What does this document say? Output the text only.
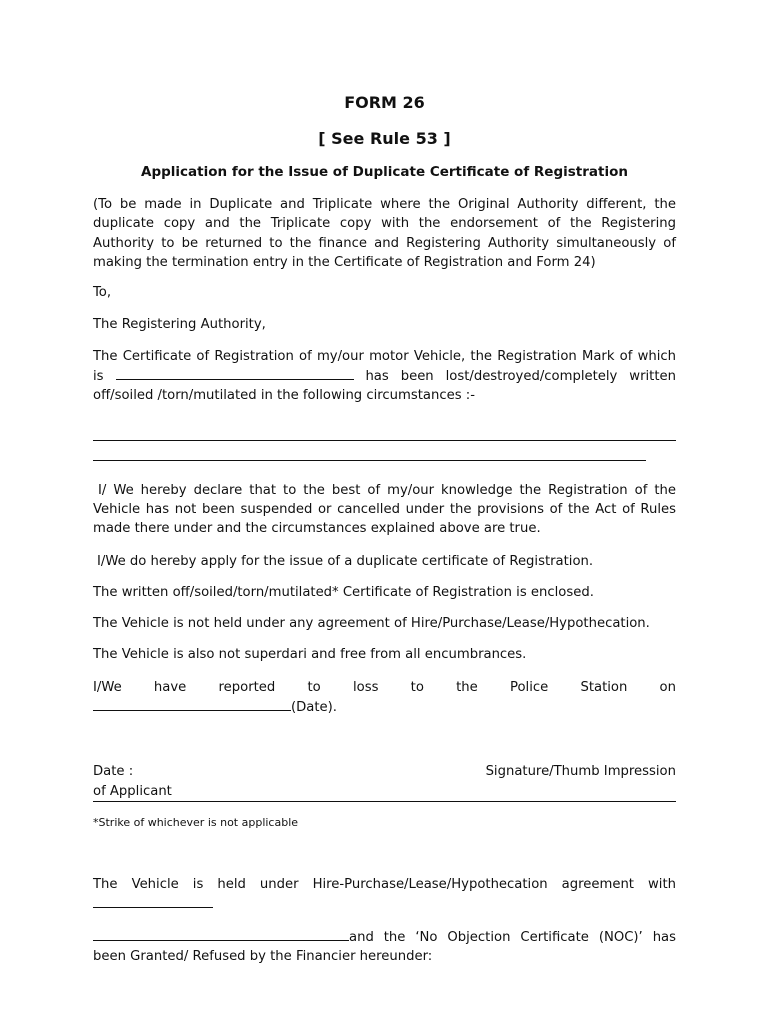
FORM 26
[ See Rule 53 ]
Application for the Issue of Duplicate Certificate of Registration

(To be made in Duplicate and Triplicate where the Original Authority different, the duplicate copy and the Triplicate copy with the endorsement of the Registering Authority to be returned to the finance and Registering Authority simultaneously of making the termination entry in the Certificate of Registration and Form 24)

To,

The Registering Authority,

The Certificate of Registration of my/our motor Vehicle, the Registration Mark of which is	has been lost/destroyed/completely written off/soiled /torn/mutilated in the following circumstances :-

I/ We hereby declare that to the best of my/our knowledge the Registration of the Vehicle has not been suspended or cancelled under the provisions of the Act of Rules made there under and the circumstances explained above are true.

I/We do hereby apply for the issue of a duplicate certificate of Registration.

The written off/soiled/torn/mutilated* Certificate of Registration is enclosed.

The Vehicle is not held under any agreement of Hire/Purchase/Lease/Hypothecation.

The Vehicle is also not superdari and free from all encumbrances.

I/We have reported to loss to the Police Station on

(Date).

Date :	Signature/Thumb Impression
of Applicant
*Strike of whichever is not applicable

The Vehicle is held under Hire-Purchase/Lease/Hypothecation agreement with

and the ‘No Objection Certificate (NOC)’ has been Granted/ Refused by the Financier hereunder:
